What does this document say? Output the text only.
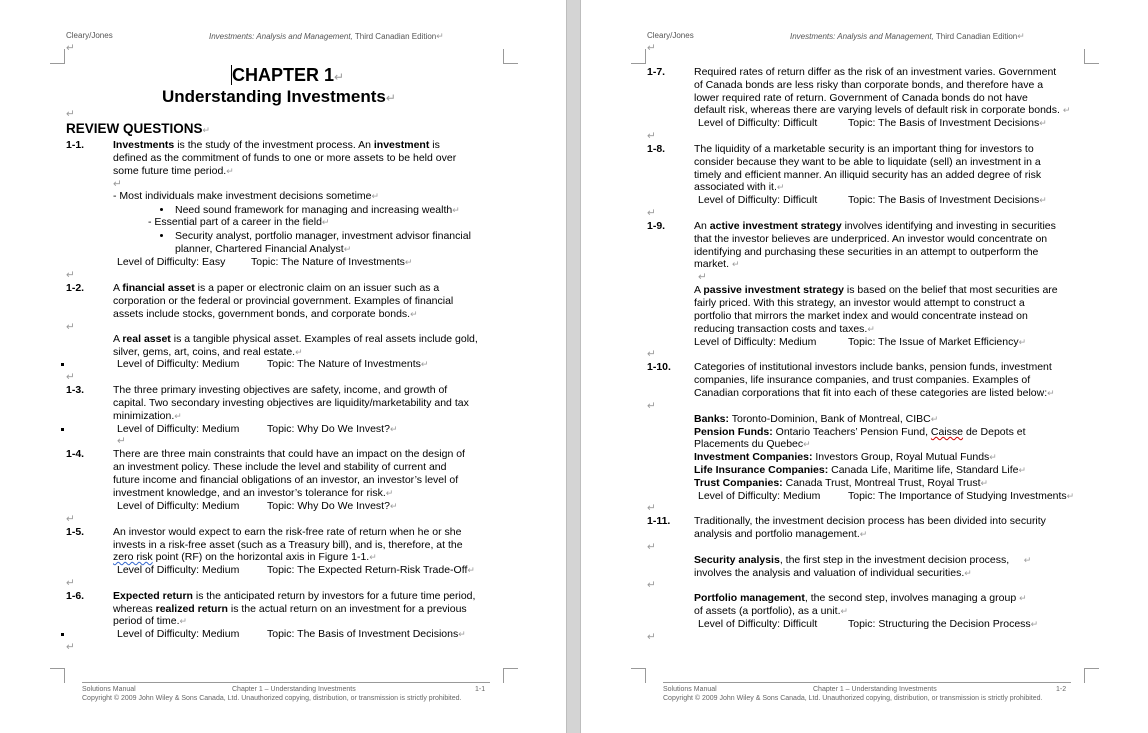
Cleary/Jones	Investments: Analysis and Management, Third Canadian Edition↵
↵
CHAPTER 1↵
Understanding Investments↵
↵
REVIEW QUESTIONS↵
1-1.	Investments is the study of the investment process. An investment is
defined as the commitment of funds to one or more assets to be held over
some future time period.↵
↵
- Most individuals make investment decisions sometime↵
Need sound framework for managing and increasing wealth↵
- Essential part of a career in the field↵
Security analyst, portfolio manager, investment advisor financial
planner, Chartered Financial Analyst↵
Level of Difficulty: Easy Topic: The Nature of Investments↵
↵
1-2.	A financial asset is a paper or electronic claim on an issuer such as a
corporation or the federal or provincial government. Examples of financial
assets include stocks, government bonds, and corporate bonds.↵
↵
A real asset is a tangible physical asset. Examples of real assets include gold,
silver, gems, art, coins, and real estate.↵
Level of Difficulty: Medium	Topic: The Nature of Investments↵
↵
1-3.	The three primary investing objectives are safety, income, and growth of
capital. Two secondary investing objectives are liquidity/marketability and tax
minimization.↵
Level of Difficulty: Medium	Topic: Why Do We Invest?↵
↵
1-4.	There are three main constraints that could have an impact on the design of
an investment policy. These include the level and stability of current and
future income and financial obligations of an investor, an investor’s level of
investment knowledge, and an investor’s tolerance for risk.↵
Level of Difficulty: Medium	Topic: Why Do We Invest?↵
↵
1-5.	An investor would expect to earn the risk-free rate of return when he or she
invests in a risk-free asset (such as a Treasury bill), and is, therefore, at the
zero risk point (RF) on the horizontal axis in Figure 1-1.↵
Level of Difficulty: Medium	Topic: The Expected Return-Risk Trade-Off↵
↵
1-6.	Expected return is the anticipated return by investors for a future time period,
whereas realized return is the actual return on an investment for a previous
period of time.↵
Level of Difficulty: Medium	Topic: The Basis of Investment Decisions↵
↵
Solutions Manual	Chapter 1 – Understanding Investments	1-1
Copyright © 2009 John Wiley & Sons Canada, Ltd. Unauthorized copying, distribution, or transmission is strictly prohibited.
Cleary/Jones	Investments: Analysis and Management, Third Canadian Edition↵
↵
1-7.	Required rates of return differ as the risk of an investment varies. Government
of Canada bonds are less risky than corporate bonds, and therefore have a
lower required rate of return. Government of Canada bonds do not have
default risk, whereas there are varying levels of default risk in corporate bonds. ↵
Level of Difficulty: Difficult	Topic: The Basis of Investment Decisions↵
↵
1-8.	The liquidity of a marketable security is an important thing for investors to
consider because they want to be able to liquidate (sell) an investment in a
timely and efficient manner. An illiquid security has an added degree of risk
associated with it.↵
Level of Difficulty: Difficult	Topic: The Basis of Investment Decisions↵
↵
1-9.	An active investment strategy involves identifying and investing in securities
that the investor believes are underpriced. An investor would concentrate on
identifying and purchasing these securities in an attempt to outperform the
market. ↵
↵
A passive investment strategy is based on the belief that most securities are
fairly priced. With this strategy, an investor would attempt to construct a
portfolio that mirrors the market index and would concentrate instead on
reducing transaction costs and taxes.↵
Level of Difficulty: Medium	Topic: The Issue of Market Efficiency↵
↵
1-10. Categories of institutional investors include banks, pension funds, investment
companies, life insurance companies, and trust companies. Examples of
Canadian corporations that fit into each of these categories are listed below:↵
↵
Banks: Toronto-Dominion, Bank of Montreal, CIBC↵
Pension Funds: Ontario Teachers’ Pension Fund, Caisse de Depots et
Placements du Quebec↵
Investment Companies: Investors Group, Royal Mutual Funds↵
Life Insurance Companies: Canada Life, Maritime life, Standard Life↵
Trust Companies: Canada Trust, Montreal Trust, Royal Trust↵
Level of Difficulty: Medium	Topic: The Importance of Studying Investments↵
↵
1-11. Traditionally, the investment decision process has been divided into security
analysis and portfolio management.↵
↵
Security analysis, the first step in the investment decision process, ↵
involves the analysis and valuation of individual securities.↵
↵
Portfolio management, the second step, involves managing a group ↵
of assets (a portfolio), as a unit.↵
Level of Difficulty: Difficult	Topic: Structuring the Decision Process↵
↵
Solutions Manual	Chapter 1 – Understanding Investments	1-2
Copyright © 2009 John Wiley & Sons Canada, Ltd. Unauthorized copying, distribution, or transmission is strictly prohibited.
